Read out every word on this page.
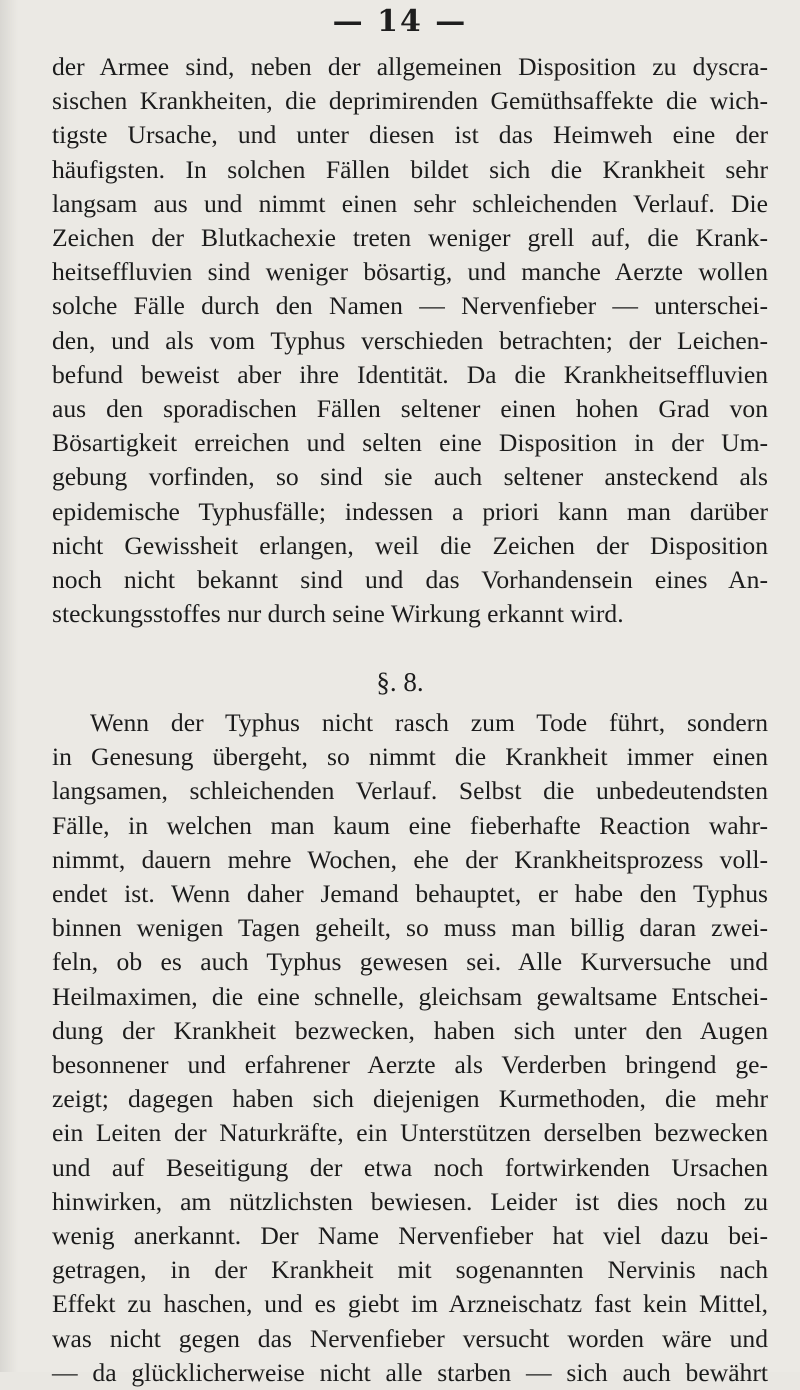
— 14 —
der Armee sind, neben der allgemeinen Disposition zu dyscra-
sischen Krankheiten, die deprimirenden Gemüthsaffekte die wich-
tigste Ursache, und unter diesen ist das Heimweh eine der
häufigsten. In solchen Fällen bildet sich die Krankheit sehr
langsam aus und nimmt einen sehr schleichenden Verlauf. Die
Zeichen der Blutkachexie treten weniger grell auf, die Krank-
heitseffluvien sind weniger bösartig, und manche Aerzte wollen
solche Fälle durch den Namen — Nervenfieber — unterschei-
den, und als vom Typhus verschieden betrachten; der Leichen-
befund beweist aber ihre Identität. Da die Krankheitseffluvien
aus den sporadischen Fällen seltener einen hohen Grad von
Bösartigkeit erreichen und selten eine Disposition in der Um-
gebung vorfinden, so sind sie auch seltener ansteckend als
epidemische Typhusfälle; indessen a priori kann man darüber
nicht Gewissheit erlangen, weil die Zeichen der Disposition
noch nicht bekannt sind und das Vorhandensein eines An-
steckungsstoffes nur durch seine Wirkung erkannt wird.
§. 8.
Wenn der Typhus nicht rasch zum Tode führt, sondern
in Genesung übergeht, so nimmt die Krankheit immer einen
langsamen, schleichenden Verlauf. Selbst die unbedeutendsten
Fälle, in welchen man kaum eine fieberhafte Reaction wahr-
nimmt, dauern mehre Wochen, ehe der Krankheitsprozess voll-
endet ist. Wenn daher Jemand behauptet, er habe den Typhus
binnen wenigen Tagen geheilt, so muss man billig daran zwei-
feln, ob es auch Typhus gewesen sei. Alle Kurversuche und
Heilmaximen, die eine schnelle, gleichsam gewaltsame Entschei-
dung der Krankheit bezwecken, haben sich unter den Augen
besonnener und erfahrener Aerzte als Verderben bringend ge-
zeigt; dagegen haben sich diejenigen Kurmethoden, die mehr
ein Leiten der Naturkräfte, ein Unterstützen derselben bezwecken
und auf Beseitigung der etwa noch fortwirkenden Ursachen
hinwirken, am nützlichsten bewiesen. Leider ist dies noch zu
wenig anerkannt. Der Name Nervenfieber hat viel dazu bei-
getragen, in der Krankheit mit sogenannten Nervinis nach
Effekt zu haschen, und es giebt im Arzneischatz fast kein Mittel,
was nicht gegen das Nervenfieber versucht worden wäre und
— da glücklicherweise nicht alle starben — sich auch bewährt
